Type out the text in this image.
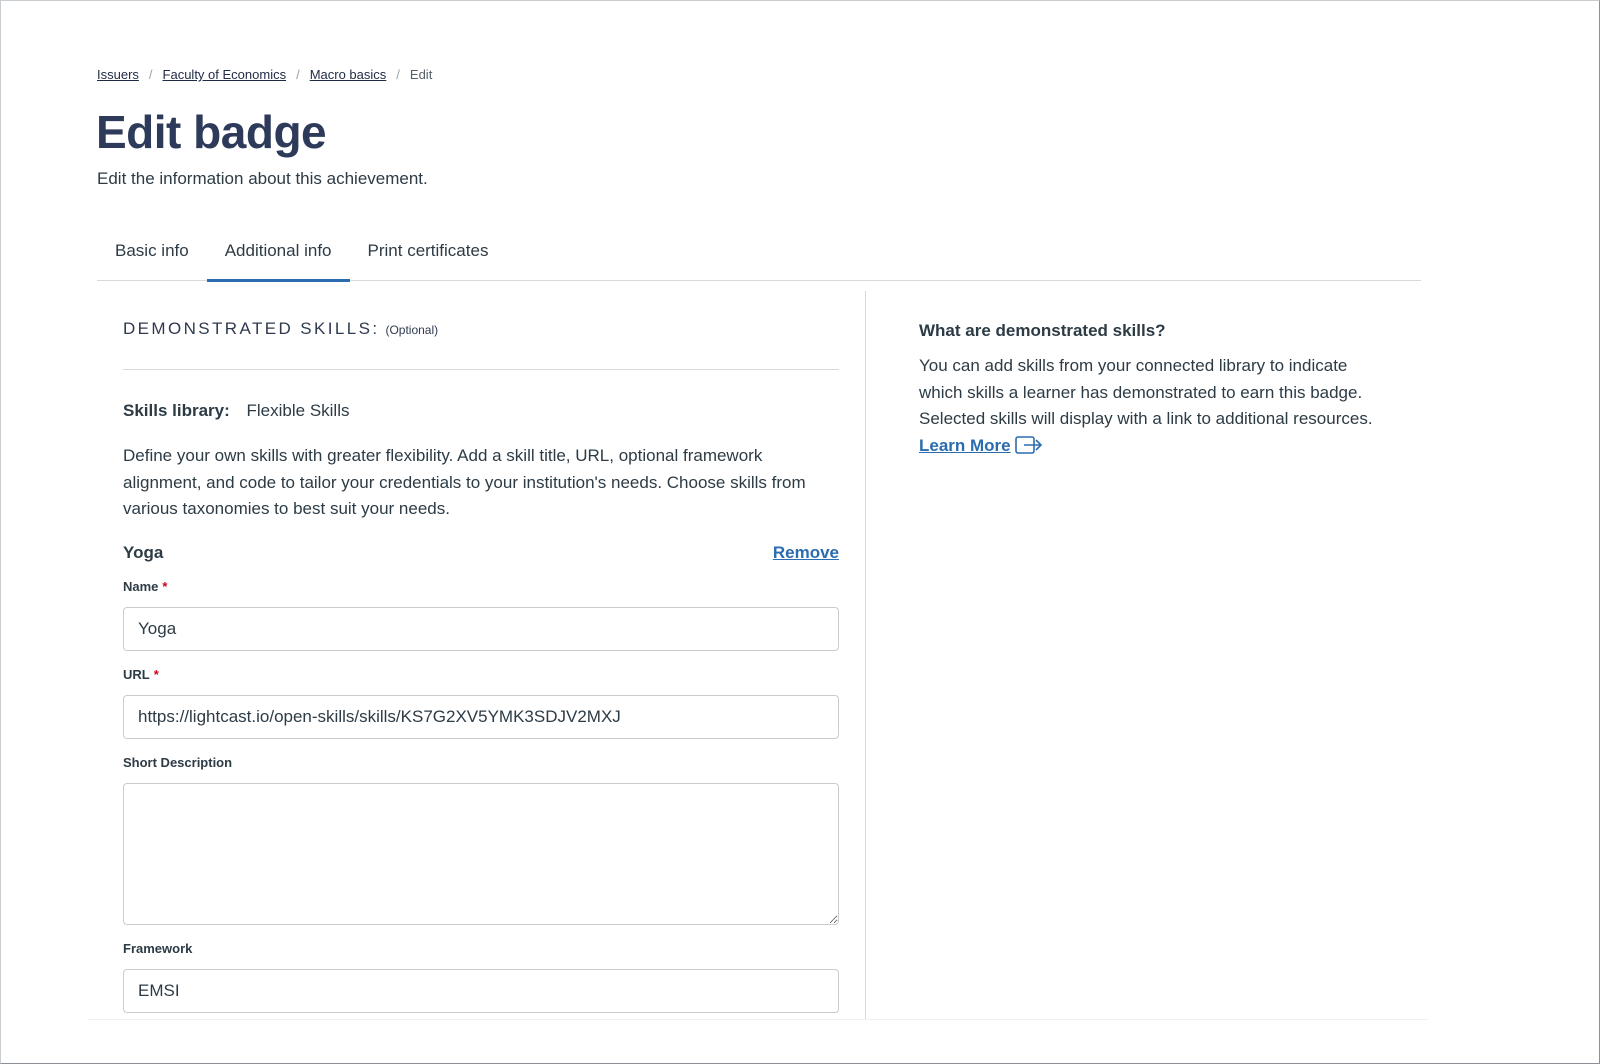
Issuers / Faculty of Economics / Macro basics / Edit
Edit badge

Edit the information about this achievement.

Basic info	Additional info	Print certificates
DEMONSTRATED SKILLS: (Optional)
Skills library: Flexible Skills

Define your own skills with greater flexibility. Add a skill title, URL, optional framework alignment, and code to tailor your credentials to your institution's needs. Choose skills from various taxonomies to best suit your needs.

Yoga	Remove
Name *
Yoga
URL *
https://lightcast.io/open-skills/skills/KS7G2XV5YMK3SDJV2MXJ
Short Description
Framework
EMSI
What are demonstrated skills?

You can add skills from your connected library to indicate which skills a learner has demonstrated to earn this badge. Selected skills will display with a link to additional resources. Learn More
